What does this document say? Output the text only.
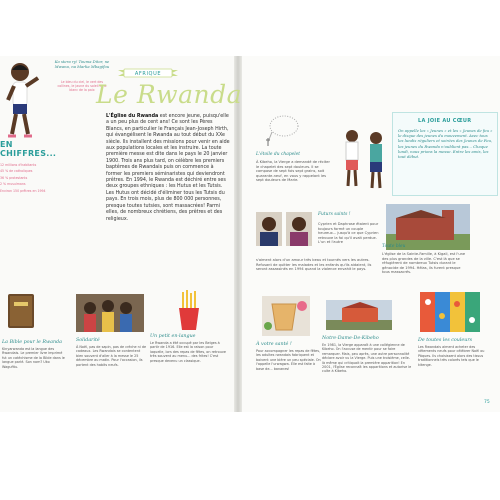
Ko stera ry! Touma Ditor, ne Mwana, na Marka Mbagifou
Le bleu du ciel, le vert des collines, le jaune du soleil et le blanc de la paix
AFRIQUE
Le Rwanda
L'Église du Rwanda est encore jeune, puisqu'elle a un peu plus de cent ans! Ce sont les Pères Blancs, en particulier le Français Jean-Joseph Hirth, qui évangélisent le Rwanda au tout début du XXe siècle. Ils installent des missions pour venir en aide aux populations locales et les instruire. La toute première messe est dite dans le pays le 20 janvier 1900. Trois ans plus tard, on célèbre les premiers baptêmes de Rwandais puis on commence à former les premiers séminaristes qui deviendront prêtres. En 1994, le Rwanda est déchiré entre ses deux groupes ethniques : les Hutus et les Tutsis. Les Hutus ont décidé d'éliminer tous les Tutsis du pays. En trois mois, plus de 800 000 personnes, presque toutes tutsies, sont massacrées! Parmi elles, de nombreux chrétiens, des prêtres et des religieux.
EN CHIFFRES...
12 millions d'habitants
45 % de catholiques
36 % protestants
2 % musulmans
Environ 150 prêtres en 1994
La Bible pour le Rwanda
Kinyarwanda est la langue des Rwandais. Le premier livre imprimé fut un catéchisme de la Bible dans le langue parlé. Son nom? Uko Wagufitu.
Solidarité
À Noël, pas de sapin, pas de crèche ni de cadeaux. Les Rwandais se contentent bien souvent d'aller à la messe le 25 décembre au matin. Pour l'occasion, ils portent des habits neufs.
Un petit en-langue
Le Rwanda a été occupé par les Belges à partir de 1916. Elle est la raison pour laquelle, lors des repas de fêtes, on retrouve très souvent au menu... des frites! C'est presque devenu un classique.
L'étoile du chapelet
À Kibeho, la Vierge a demandé de réciter le chapelet des sept douleurs. Il se compose de sept fois sept grains, soit quarante-neuf, en vous y rappelant les sept douleurs de Marie.
LA JOIE AU CŒUR
On appelle les « Jeunes » et les « Jeunes de feu » le disque des jeunes du mouvement. Avec tous les lundis réguliers et soirées des Jeunes de Feu, les jeunes du Rwanda n'oublient pas... Chaque lundi, nous prions la messe. Entre les amis, les tout début.
Futurs saints !
Cyprien et Daphrose étaient pour toujours formé un couple heureux... jusqu'à ce que Cyprien retrouve la foi qu'il avait perdue. L'un et l'autre
Toute bleu
L'église de la Sainte-Famille, à Kigali, est l'une des plus grandes de la ville. C'est là que se réfugièrent de nombreux Tutsis durant le génocide de 1994. Hélas, ils furent presque tous massacrés.
s'aiment alors d'un amour très beau et tournés vers les autres. Refusant de quitter les malades et les enfants qu'ils aidaient, ils seront assassinés en 1994 quand la violence envahit le pays.
À votre santé !
Pour accompagner les repas de fêtes, les adultes rwandais fabriquent et boivent une bière un peu spéciale. On l'appelle l'urwagwa. Elle est faite à base de... bananes!
Notre-Dame-De-Kibeho
En 1981, la Vierge apparaît à une collégienne de Kibeho. On l'accuse de mentir pour se faire remarquer. Mais, peu après, une autre personnalité déclare avoir vu la Vierge. Puis une troisième, celle-là même qui critiquait la première apparition! En 2001, l'Église reconnaît les apparitions et autorise le culte à Kibeho.
De toutes les couleurs
Les Rwandais aiment acheter des vêtements neufs pour célébrer Noël ou Pâques. Ils choisissent alors des tissus traditionnels très colorés tels que le kitenge.
75
